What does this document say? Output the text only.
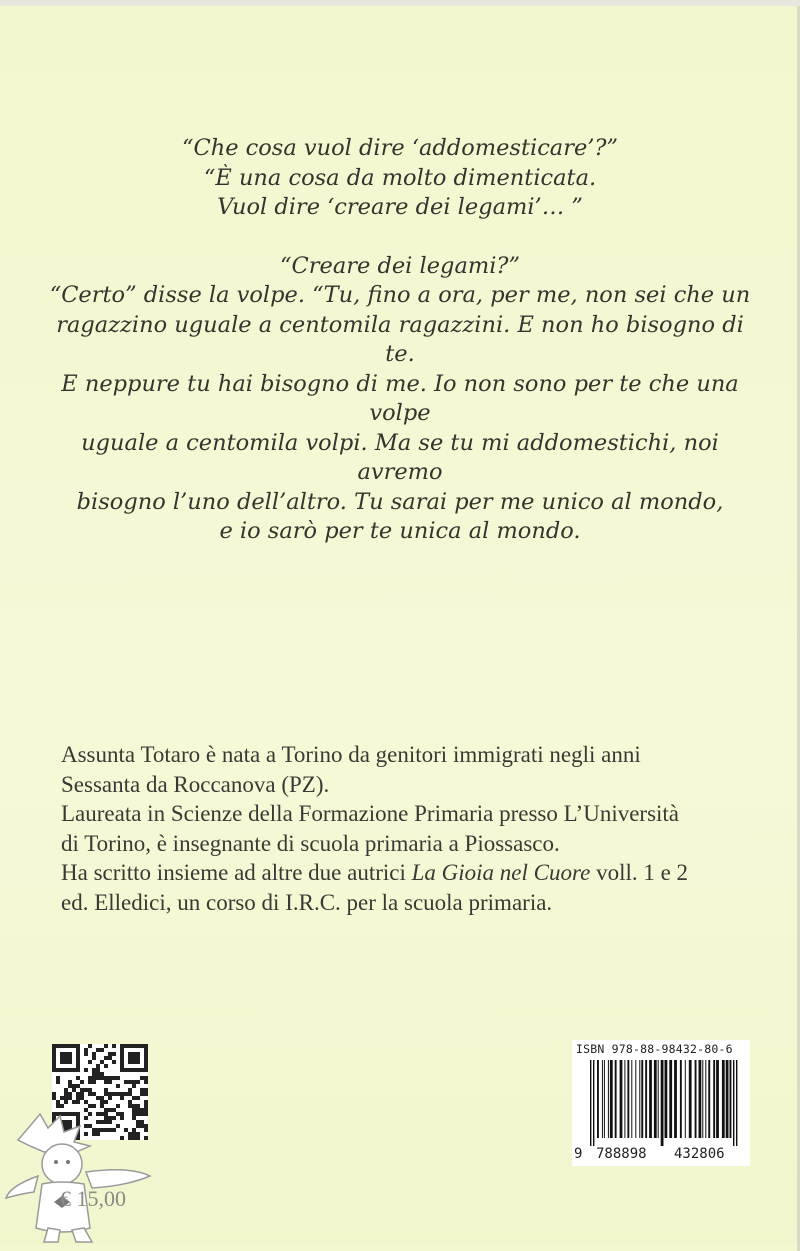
“Che cosa vuol dire ‘addomesticare’?”

“È una cosa da molto dimenticata.

Vuol dire ‘creare dei legami’… ”

“Creare dei legami?”

“Certo” disse la volpe. “Tu, fino a ora, per me, non sei che un

ragazzino uguale a centomila ragazzini. E non ho bisogno di te.

E neppure tu hai bisogno di me. Io non sono per te che una volpe

uguale a centomila volpi. Ma se tu mi addomestichi, noi avremo

bisogno l’uno dell’altro. Tu sarai per me unico al mondo,

e io sarò per te unica al mondo.

Assunta Totaro è nata a Torino da genitori immigrati negli anni

Sessanta da Roccanova (PZ).

Laureata in Scienze della Formazione Primaria presso L’Università

di Torino, è insegnante di scuola primaria a Piossasco.

Ha scritto insieme ad altre due autrici La Gioia nel Cuore voll. 1 e 2

ed. Elledici, un corso di I.R.C. per la scuola primaria.

€ 15,00
ISBN 978-88-98432-80-6
9 788898 432806
